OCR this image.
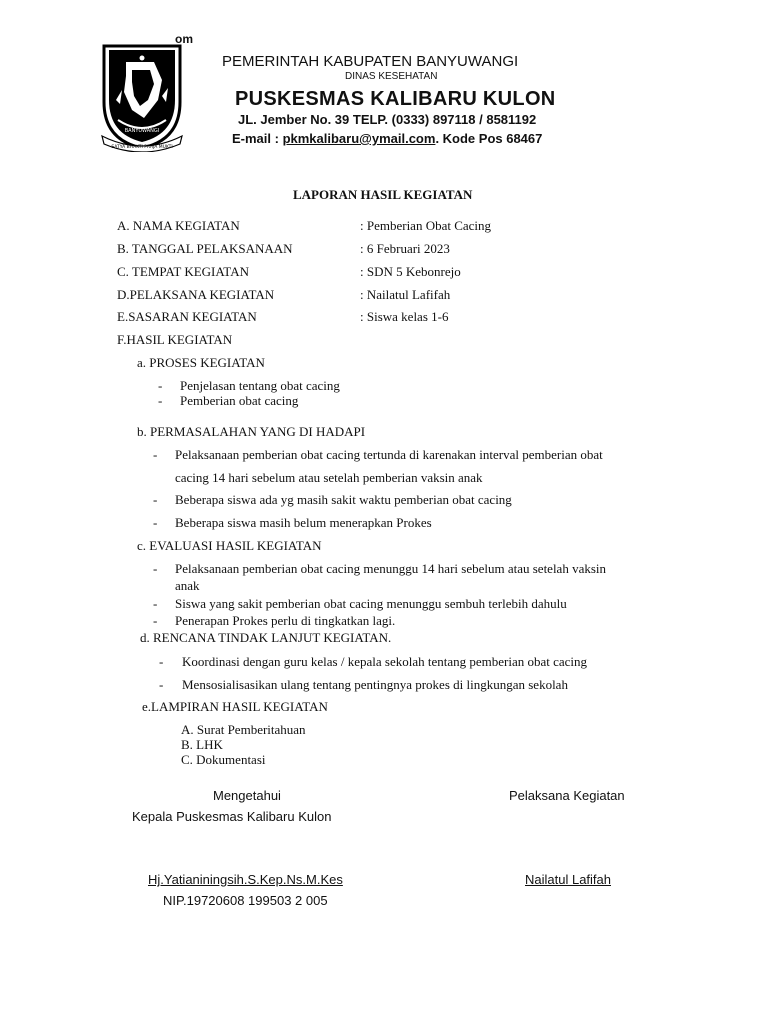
BANYUWANGI
SATYA BHAKTI PRAJA MUKTI
om
PEMERINTAH KABUPATEN BANYUWANGI
DINAS KESEHATAN
PUSKESMAS KALIBARU KULON
JL. Jember No. 39 TELP. (0333) 897118 / 8581192
E-mail : pkmkalibaru@ymail.com. Kode Pos 68467
LAPORAN HASIL KEGIATAN
A. NAMA KEGIATAN	: Pemberian Obat Cacing
B. TANGGAL PELAKSANAAN	: 6 Februari 2023
C. TEMPAT KEGIATAN	: SDN 5 Kebonrejo
D.PELAKSANA KEGIATAN	: Nailatul Lafifah
E.SASARAN KEGIATAN	: Siswa kelas 1-6
F.HASIL KEGIATAN
a. PROSES KEGIATAN
- Penjelasan tentang obat cacing
- Pemberian obat cacing
b. PERMASALAHAN YANG DI HADAPI
- Pelaksanaan pemberian obat cacing tertunda di karenakan interval pemberian obat
cacing 14 hari sebelum atau setelah pemberian vaksin anak
- Beberapa siswa ada yg masih sakit waktu pemberian obat cacing
- Beberapa siswa masih belum menerapkan Prokes
c. EVALUASI HASIL KEGIATAN
- Pelaksanaan pemberian obat cacing menunggu 14 hari sebelum atau setelah vaksin
anak
- Siswa yang sakit pemberian obat cacing menunggu sembuh terlebih dahulu
- Penerapan Prokes perlu di tingkatkan lagi.
d. RENCANA TINDAK LANJUT KEGIATAN.
- Koordinasi dengan guru kelas / kepala sekolah tentang pemberian obat cacing
- Mensosialisasikan ulang tentang pentingnya prokes di lingkungan sekolah
e.LAMPIRAN HASIL KEGIATAN
A. Surat Pemberitahuan
B. LHK
C. Dokumentasi
Mengetahui
Kepala Puskesmas Kalibaru Kulon
Hj.Yatianiningsih.S.Kep.Ns.M.Kes
NIP.19720608 199503 2 005
Pelaksana Kegiatan
Nailatul Lafifah
